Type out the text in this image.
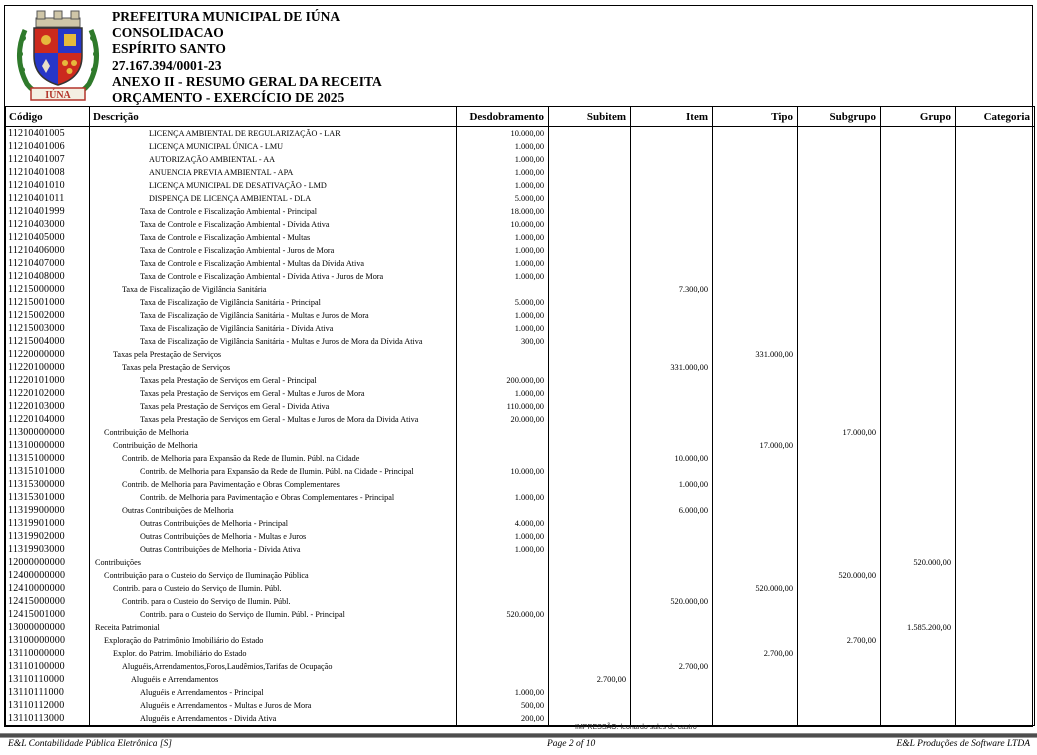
IÚNA
PREFEITURA MUNICIPAL DE IÚNA
CONSOLIDACAO
ESPÍRITO SANTO
27.167.394/0001-23
ANEXO II - RESUMO GERAL DA RECEITA
ORÇAMENTO - EXERCÍCIO DE 2025
Código	Descrição	Desdobramento	Subitem	Item	Tipo	Subgrupo	Grupo	Categoria
11210401005	LICENÇA AMBIENTAL DE REGULARIZAÇÃO - LAR	10.000,00						
11210401006	LICENÇA MUNICIPAL ÚNICA - LMU	1.000,00						
11210401007	AUTORIZAÇÃO AMBIENTAL - AA	1.000,00						
11210401008	ANUENCIA PREVIA AMBIENTAL - APA	1.000,00						
11210401010	LICENÇA MUNICIPAL DE DESATIVAÇÃO - LMD	1.000,00						
11210401011	DISPENÇA DE LICENÇA AMBIENTAL - DLA	5.000,00						
11210401999	Taxa de Controle e Fiscalização Ambiental - Principal	18.000,00						
11210403000	Taxa de Controle e Fiscalização Ambiental - Dívida Ativa	10.000,00						
11210405000	Taxa de Controle e Fiscalização Ambiental - Multas	1.000,00						
11210406000	Taxa de Controle e Fiscalização Ambiental - Juros de Mora	1.000,00						
11210407000	Taxa de Controle e Fiscalização Ambiental - Multas da Dívida Ativa	1.000,00						
11210408000	Taxa de Controle e Fiscalização Ambiental - Dívida Ativa - Juros de Mora	1.000,00						
11215000000	Taxa de Fiscalização de Vigilância Sanitária			7.300,00				
11215001000	Taxa de Fiscalização de Vigilância Sanitária - Principal	5.000,00						
11215002000	Taxa de Fiscalização de Vigilância Sanitária - Multas e Juros de Mora	1.000,00						
11215003000	Taxa de Fiscalização de Vigilância Sanitária - Dívida Ativa	1.000,00						
11215004000	Taxa de Fiscalização de Vigilância Sanitária - Multas e Juros de Mora da Dívida Ativa	300,00						
11220000000	Taxas pela Prestação de Serviços				331.000,00			
11220100000	Taxas pela Prestação de Serviços			331.000,00				
11220101000	Taxas pela Prestação de Serviços em Geral - Principal	200.000,00						
11220102000	Taxas pela Prestação de Serviços em Geral - Multas e Juros de Mora	1.000,00						
11220103000	Taxas pela Prestação de Serviços em Geral - Divida Ativa	110.000,00						
11220104000	Taxas pela Prestação de Serviços em Geral - Multas e Juros de Mora da Divida Ativa	20.000,00						
11300000000	Contribuição de Melhoria					17.000,00		
11310000000	Contribuição de Melhoria				17.000,00			
11315100000	Contrib. de Melhoria para Expansão da Rede de Ilumin. Públ. na Cidade			10.000,00				
11315101000	Contrib. de Melhoria para Expansão da Rede de Ilumin. Públ. na Cidade - Principal	10.000,00						
11315300000	Contrib. de Melhoria para Pavimentação e Obras Complementares			1.000,00				
11315301000	Contrib. de Melhoria para Pavimentação e Obras Complementares - Principal	1.000,00						
11319900000	Outras Contribuições de Melhoria			6.000,00				
11319901000	Outras Contribuições de Melhoria - Principal	4.000,00						
11319902000	Outras Contribuições de Melhoria - Multas e Juros	1.000,00						
11319903000	Outras Contribuições de Melhoria - Dívida Ativa	1.000,00						
12000000000	Contribuições						520.000,00	
12400000000	Contribuição para o Custeio do Serviço de Iluminação Pública					520.000,00		
12410000000	Contrib. para o Custeio do Serviço de Ilumin. Públ.				520.000,00			
12415000000	Contrib. para o Custeio do Serviço de Ilumin. Públ.			520.000,00				
12415001000	Contrib. para o Custeio do Serviço de Ilumin. Públ. - Principal	520.000,00						
13000000000	Receita Patrimonial						1.585.200,00	
13100000000	Exploração do Patrimônio Imobiliário do Estado					2.700,00		
13110000000	Explor. do Patrim. Imobiliário do Estado				2.700,00			
13110100000	Aluguéis,Arrendamentos,Foros,Laudêmios,Tarifas de Ocupação			2.700,00				
13110110000	Aluguéis e Arrendamentos		2.700,00					
13110111000	Aluguéis e Arrendamentos - Principal	1.000,00						
13110112000	Aluguéis e Arrendamentos - Multas e Juros de Mora	500,00						
13110113000	Aluguéis e Arrendamentos - Divida Ativa	200,00						
IMPRESSÃO: leonardo sales de castro
E&L Contabilidade Pública Eletrônica [S]	Page 2 of 10	E&L Produções de Software LTDA
